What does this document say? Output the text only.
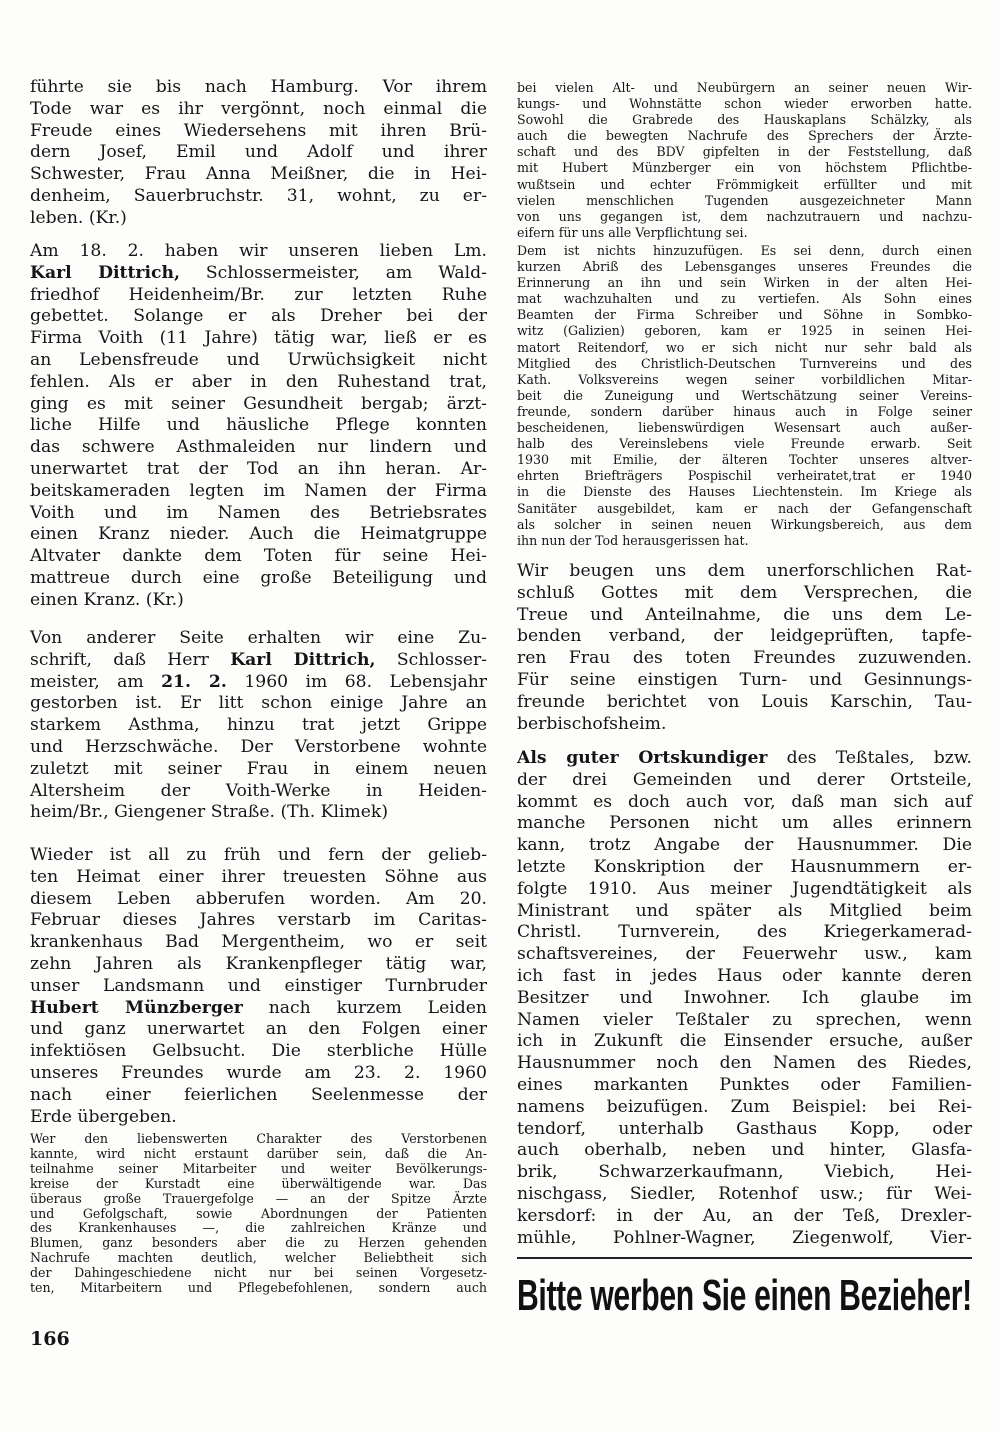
führte sie bis nach Hamburg. Vor ihrem
Tode war es ihr vergönnt, noch einmal die
Freude eines Wiedersehens mit ihren Brü-
dern Josef, Emil und Adolf und ihrer
Schwester, Frau Anna Meißner, die in Hei-
denheim, Sauerbruchstr. 31, wohnt, zu er-
leben. (Kr.)
Am 18. 2. haben wir unseren lieben Lm.
Karl Dittrich, Schlossermeister, am Wald-
friedhof Heidenheim/Br. zur letzten Ruhe
gebettet. Solange er als Dreher bei der
Firma Voith (11 Jahre) tätig war, ließ er es
an Lebensfreude und Urwüchsigkeit nicht
fehlen. Als er aber in den Ruhestand trat,
ging es mit seiner Gesundheit bergab; ärzt-
liche Hilfe und häusliche Pflege konnten
das schwere Asthmaleiden nur lindern und
unerwartet trat der Tod an ihn heran. Ar-
beitskameraden legten im Namen der Firma
Voith und im Namen des Betriebsrates
einen Kranz nieder. Auch die Heimatgruppe
Altvater dankte dem Toten für seine Hei-
mattreue durch eine große Beteiligung und
einen Kranz. (Kr.)
Von anderer Seite erhalten wir eine Zu-
schrift, daß Herr Karl Dittrich, Schlosser-
meister, am 21. 2. 1960 im 68. Lebensjahr
gestorben ist. Er litt schon einige Jahre an
starkem Asthma, hinzu trat jetzt Grippe
und Herzschwäche. Der Verstorbene wohnte
zuletzt mit seiner Frau in einem neuen
Altersheim der Voith-Werke in Heiden-
heim/Br., Giengener Straße. (Th. Klimek)
Wieder ist all zu früh und fern der gelieb-
ten Heimat einer ihrer treuesten Söhne aus
diesem Leben abberufen worden. Am 20.
Februar dieses Jahres verstarb im Caritas-
krankenhaus Bad Mergentheim, wo er seit
zehn Jahren als Krankenpfleger tätig war,
unser Landsmann und einstiger Turnbruder
Hubert Münzberger nach kurzem Leiden
und ganz unerwartet an den Folgen einer
infektiösen Gelbsucht. Die sterbliche Hülle
unseres Freundes wurde am 23. 2. 1960
nach einer feierlichen Seelenmesse der
Erde übergeben.
Wer den liebenswerten Charakter des Verstorbenen
kannte, wird nicht erstaunt darüber sein, daß die An-
teilnahme seiner Mitarbeiter und weiter Bevölkerungs-
kreise der Kurstadt eine überwältigende war. Das
überaus große Trauergefolge — an der Spitze Ärzte
und Gefolgschaft, sowie Abordnungen der Patienten
des Krankenhauses —, die zahlreichen Kränze und
Blumen, ganz besonders aber die zu Herzen gehenden
Nachrufe machten deutlich, welcher Beliebtheit sich
der Dahingeschiedene nicht nur bei seinen Vorgesetz-
ten, Mitarbeitern und Pflegebefohlenen, sondern auch
bei vielen Alt- und Neubürgern an seiner neuen Wir-
kungs- und Wohnstätte schon wieder erworben hatte.
Sowohl die Grabrede des Hauskaplans Schälzky, als
auch die bewegten Nachrufe des Sprechers der Ärzte-
schaft und des BDV gipfelten in der Feststellung, daß
mit Hubert Münzberger ein von höchstem Pflichtbe-
wußtsein und echter Frömmigkeit erfüllter und mit
vielen menschlichen Tugenden ausgezeichneter Mann
von uns gegangen ist, dem nachzutrauern und nachzu-
eifern für uns alle Verpflichtung sei.
Dem ist nichts hinzuzufügen. Es sei denn, durch einen
kurzen Abriß des Lebensganges unseres Freundes die
Erinnerung an ihn und sein Wirken in der alten Hei-
mat wachzuhalten und zu vertiefen. Als Sohn eines
Beamten der Firma Schreiber und Söhne in Sombko-
witz (Galizien) geboren, kam er 1925 in seinen Hei-
matort Reitendorf, wo er sich nicht nur sehr bald als
Mitglied des Christlich-Deutschen Turnvereins und des
Kath. Volksvereins wegen seiner vorbildlichen Mitar-
beit die Zuneigung und Wertschätzung seiner Vereins-
freunde, sondern darüber hinaus auch in Folge seiner
bescheidenen, liebenswürdigen Wesensart auch außer-
halb des Vereinslebens viele Freunde erwarb. Seit
1930 mit Emilie, der älteren Tochter unseres altver-
ehrten Briefträgers Pospischil verheiratet,trat er 1940
in die Dienste des Hauses Liechtenstein. Im Kriege als
Sanitäter ausgebildet, kam er nach der Gefangenschaft
als solcher in seinen neuen Wirkungsbereich, aus dem
ihn nun der Tod herausgerissen hat.
Wir beugen uns dem unerforschlichen Rat-
schluß Gottes mit dem Versprechen, die
Treue und Anteilnahme, die uns dem Le-
benden verband, der leidgeprüften, tapfe-
ren Frau des toten Freundes zuzuwenden.
Für seine einstigen Turn- und Gesinnungs-
freunde berichtet von Louis Karschin, Tau-
berbischofsheim.
Als guter Ortskundiger des Teßtales, bzw.
der drei Gemeinden und derer Ortsteile,
kommt es doch auch vor, daß man sich auf
manche Personen nicht um alles erinnern
kann, trotz Angabe der Hausnummer. Die
letzte Konskription der Hausnummern er-
folgte 1910. Aus meiner Jugendtätigkeit als
Ministrant und später als Mitglied beim
Christl. Turnverein, des Kriegerkamerad-
schaftsvereines, der Feuerwehr usw., kam
ich fast in jedes Haus oder kannte deren
Besitzer und Inwohner. Ich glaube im
Namen vieler Teßtaler zu sprechen, wenn
ich in Zukunft die Einsender ersuche, außer
Hausnummer noch den Namen des Riedes,
eines markanten Punktes oder Familien-
namens beizufügen. Zum Beispiel: bei Rei-
tendorf, unterhalb Gasthaus Kopp, oder
auch oberhalb, neben und hinter, Glasfa-
brik, Schwarzerkaufmann, Viebich, Hei-
nischgass, Siedler, Rotenhof usw.; für Wei-
kersdorf: in der Au, an der Teß, Drexler-
mühle, Pohlner-Wagner, Ziegenwolf, Vier-
Bitte werben Sie einen Bezieher!
166
